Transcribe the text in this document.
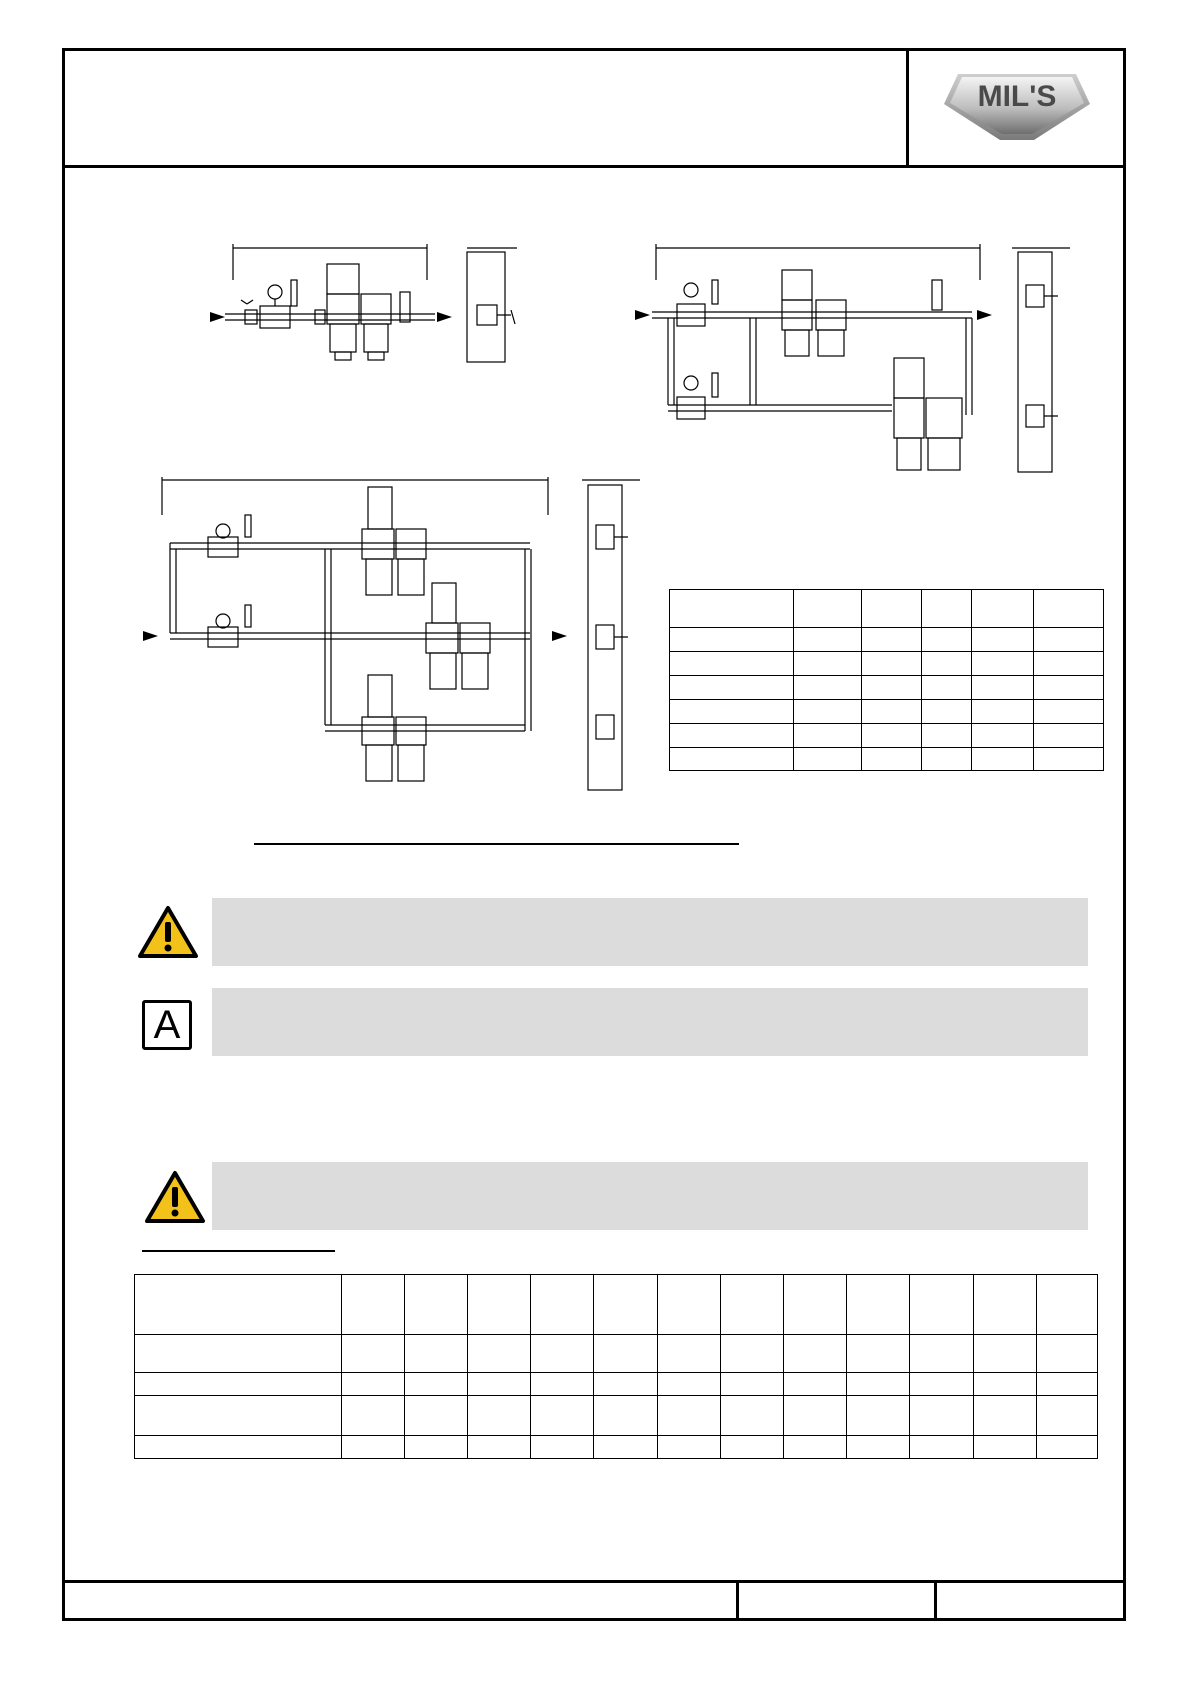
MIL'S

A
